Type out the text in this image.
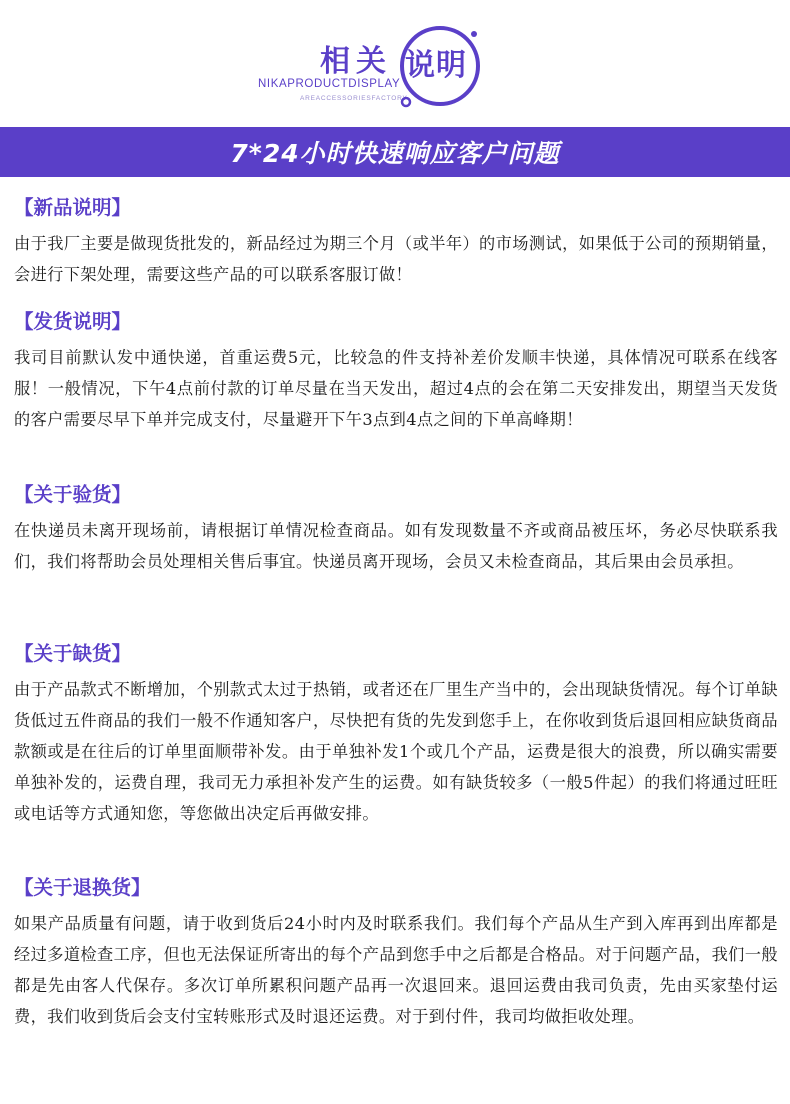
相关
NIKAPRODUCTDISPLAY
AREACCESSORIESFACTORY
说明
7*24小时快速响应客户问题
【新品说明】

由于我厂主要是做现货批发的，新品经过为期三个月（或半年）的市场测试，如果低于公司的预期销量，会进行下架处理，需要这些产品的可以联系客服订做！

【发货说明】

我司目前默认发中通快递，首重运费5元，比较急的件支持补差价发顺丰快递，具体情况可联系在线客服！一般情况，下午4点前付款的订单尽量在当天发出，超过4点的会在第二天安排发出，期望当天发货的客户需要尽早下单并完成支付，尽量避开下午3点到4点之间的下单高峰期！

【关于验货】

在快递员未离开现场前，请根据订单情况检查商品。如有发现数量不齐或商品被压坏，务必尽快联系我们，我们将帮助会员处理相关售后事宜。快递员离开现场，会员又未检查商品，其后果由会员承担。

【关于缺货】

由于产品款式不断增加，个别款式太过于热销，或者还在厂里生产当中的，会出现缺货情况。每个订单缺货低过五件商品的我们一般不作通知客户，尽快把有货的先发到您手上，在你收到货后退回相应缺货商品款额或是在往后的订单里面顺带补发。由于单独补发1个或几个产品，运费是很大的浪费，所以确实需要单独补发的，运费自理，我司无力承担补发产生的运费。如有缺货较多（一般5件起）的我们将通过旺旺或电话等方式通知您，等您做出决定后再做安排。

【关于退换货】

如果产品质量有问题，请于收到货后24小时内及时联系我们。我们每个产品从生产到入库再到出库都是经过多道检查工序，但也无法保证所寄出的每个产品到您手中之后都是合格品。对于问题产品，我们一般都是先由客人代保存。多次订单所累积问题产品再一次退回来。退回运费由我司负责，先由买家垫付运费，我们收到货后会支付宝转账形式及时退还运费。对于到付件，我司均做拒收处理。
